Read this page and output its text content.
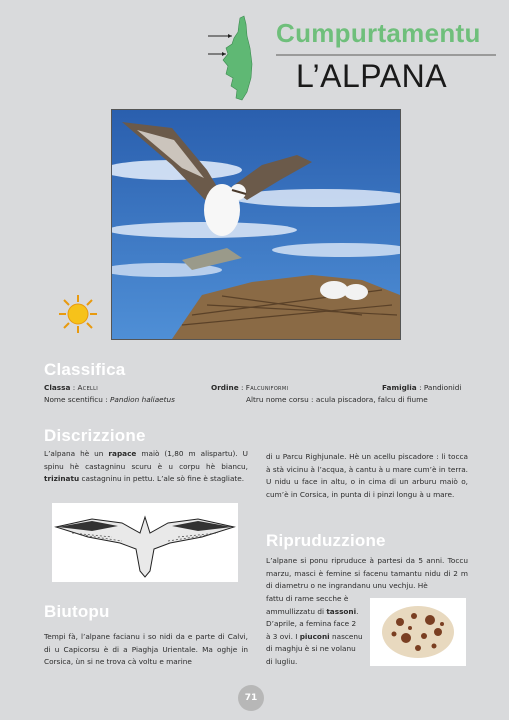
Cumpurtamentu
L’ALPANA
Classifica
Classa : Acelli	Ordine : Falcuniformi	Famiglia : Pandionidi
Nome scentificu : Pandion haliaetus	Altru nome corsu : acula piscadora, falcu di fiume
Discrizzione
L’alpana hè un rapace maiò (1,80 m alispartu). U spinu hè castagninu scuru è u corpu hè biancu, trizinatu castagninu in pettu. L’ale sò fine è stagliate.
di u Parcu Righjunale. Hè un acellu piscadore : li tocca à stà vicinu à l’acqua, à cantu à u mare cum’è in terra. U nidu u face in altu, o in cima di un arburu maiò o, cum’è in Corsica, in punta di i pinzi longu à u mare.
Biutopu
Tempi fà, l’alpane facianu i so nidi da e parte di Calvi, di u Capicorsu è di a Piaghja Urientale. Ma oghje in Corsica, ùn si ne trova cà voltu e marine
Ripruduzzione
L’alpane si ponu ripruduce à partesi da 5 anni. Toccu marzu, masci è femine si facenu tamantu nidu di 2 m di diametru o ne ingrandanu unu vechju. Hè
fattu di rame secche è
ammullizzatu di tassoni.
D’aprile, a femina face 2
à 3 ovi. I piuconi nascenu
di maghju è si ne volanu
di lugliu.
71
